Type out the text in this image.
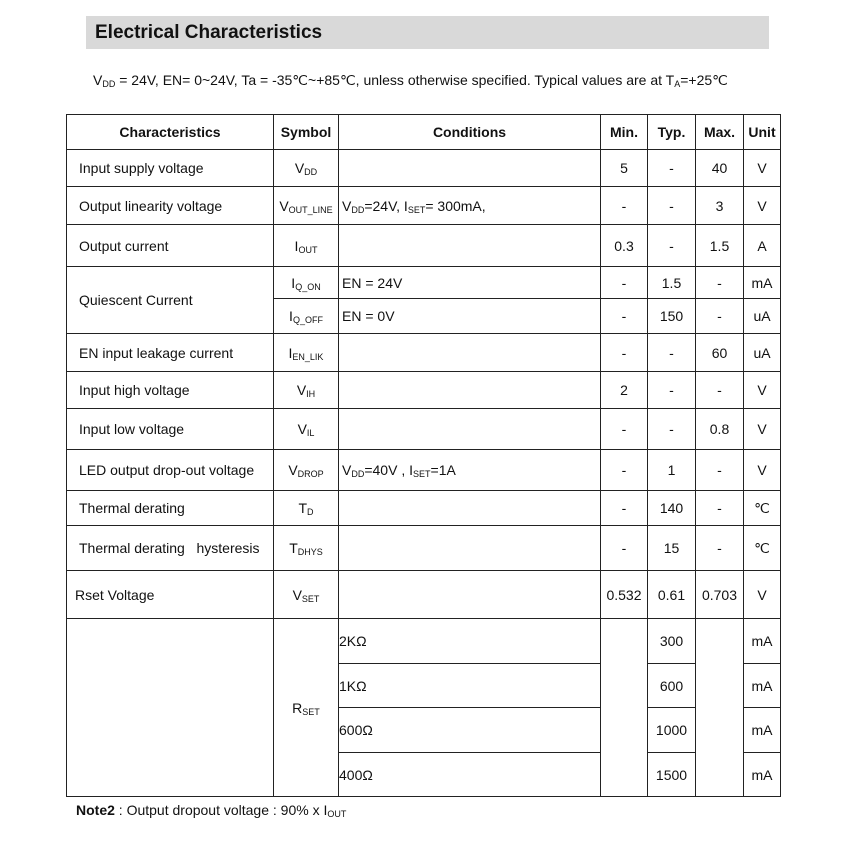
Electrical Characteristics
$V_{DD} = 24V$, EN= 0~24V, Ta = -35℃~+85℃, unless otherwise specified. Typical values are at $T_A=+25℃$
Characteristics	Symbol	Conditions	Min.	Typ.	Max.	Unit
Input supply voltage	$V_{DD}$		5	-	40	V
Output linearity voltage	$V_{OUT\_LINE}$	$V_{DD}=24V$, $I_{SET}= 300mA$,	-	-	3	V
Output current	$I_{OUT}$		0.3	-	1.5	A
Quiescent Current	$I_{Q\_ON}$	EN = 24V	-	1.5	-	mA
	$I_{Q\_OFF}$	EN = 0V	-	150	-	uA
EN input leakage current	$I_{EN\_LIK}$		-	-	60	uA
Input high voltage	$V_{IH}$		2	-	-	V
Input low voltage	$V_{IL}$		-	-	0.8	V
LED output drop-out voltage	$V_{DROP}$	$V_{DD}=40V$ , $I_{SET}=1A$	-	1	-	V
Thermal derating	$T_D$		-	140	-	℃
Thermal derating   hysteresis	$T_{DHYS}$		-	15	-	℃
Rset Voltage	$V_{SET}$		0.532	0.61	0.703	V
	$R_{SET}$	2KΩ		300		mA
		1KΩ		600		mA
		600Ω		1000		mA
		400Ω		1500		mA
Note2 : Output dropout voltage : 90% x $I_{OUT}$
